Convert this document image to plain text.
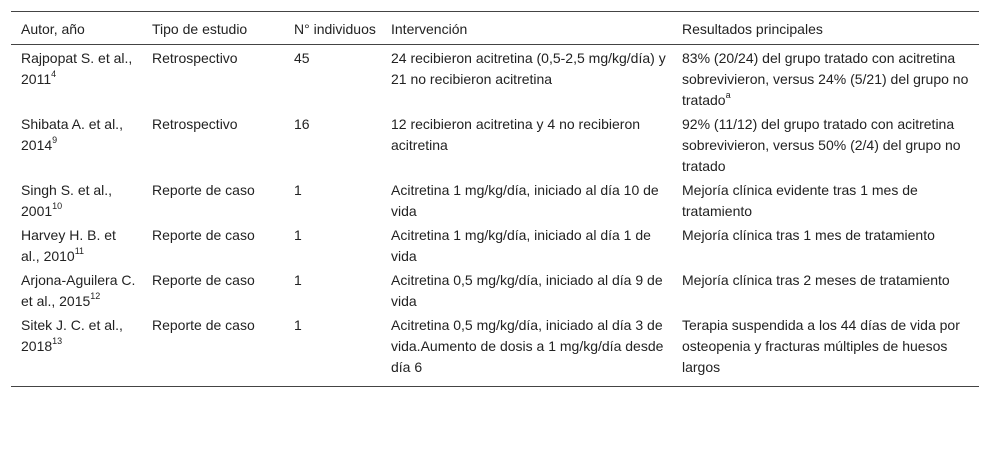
Autor, año	Tipo de estudio	N° individuos	Intervención	Resultados principales
Rajpopat S. et al., 2011$^4$	Retrospectivo	45	24 recibieron acitretina (0,5-2,5 mg/kg/día) y 21 no recibieron acitretina	83% (20/24) del grupo tratado con acitretina sobrevivieron, versus 24% (5/21) del grupo no tratado$^a$
Shibata A. et al., 2014$^9$	Retrospectivo	16	12 recibieron acitretina y 4 no recibieron acitretina	92% (11/12) del grupo tratado con acitretina sobrevivieron, versus 50% (2/4) del grupo no tratado
Singh S. et al., 2001$^{10}$	Reporte de caso	1	Acitretina 1 mg/kg/día, iniciado al día 10 de vida	Mejoría clínica evidente tras 1 mes de tratamiento
Harvey H. B. et al., 2010$^{11}$	Reporte de caso	1	Acitretina 1 mg/kg/día, iniciado al día 1 de vida	Mejoría clínica tras 1 mes de tratamiento
Arjona-Aguilera C. et al., 2015$^{12}$	Reporte de caso	1	Acitretina 0,5 mg/kg/día, iniciado al día 9 de vida	Mejoría clínica tras 2 meses de tratamiento
Sitek J. C. et al., 2018$^{13}$	Reporte de caso	1	Acitretina 0,5 mg/kg/día, iniciado al día 3 de vida.Aumento de dosis a 1 mg/kg/día desde día 6	Terapia suspendida a los 44 días de vida por osteopenia y fracturas múltiples de huesos largos
